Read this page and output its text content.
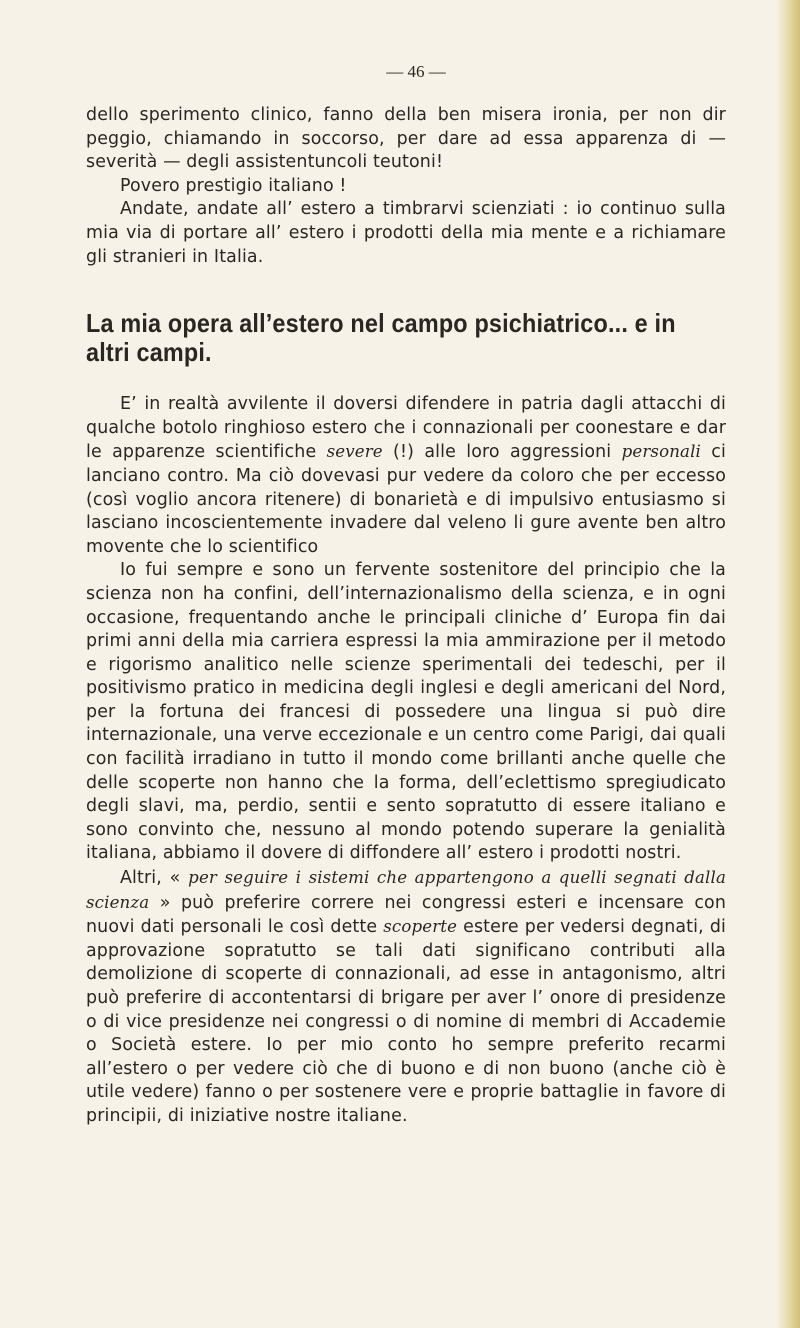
— 46 —

dello sperimento clinico, fanno della ben misera ironia, per non dir peggio, chiamando in soccorso, per dare ad essa apparenza di — severità — degli assistentuncoli teutoni!

Povero prestigio italiano !

Andate, andate all’ estero a timbrarvi scienziati : io continuo sulla mia via di portare all’ estero i prodotti della mia mente e a richiamare gli stranieri in Italia.

La mia opera all’estero nel campo psichiatrico... e in altri campi.

E’ in realtà avvilente il doversi difendere in patria dagli attacchi di qualche botolo ringhioso estero che i connazionali per coonestare e dar le apparenze scientifiche severe (!) alle loro aggressioni personali ci lanciano contro. Ma ciò dovevasi pur vedere da coloro che per eccesso (così voglio ancora ritenere) di bonarietà e di impulsivo entusiasmo si lasciano incoscientemente invadere dal veleno li gure avente ben altro movente che lo scientifico

Io fui sempre e sono un fervente sostenitore del principio che la scienza non ha confini, dell’internazionalismo della scienza, e in ogni occasione, frequentando anche le principali cliniche d’ Europa fin dai primi anni della mia carriera espressi la mia ammirazione per il metodo e rigorismo analitico nelle scienze sperimentali dei tedeschi, per il positivismo pratico in medicina degli inglesi e degli americani del Nord, per la fortuna dei francesi di possedere una lingua si può dire internazionale, una verve eccezionale e un centro come Parigi, dai quali con facilità irradiano in tutto il mondo come brillanti anche quelle che delle scoperte non hanno che la forma, dell’eclettismo spregiudicato degli slavi, ma, perdio, sentii e sento sopratutto di essere italiano e sono convinto che, nessuno al mondo potendo superare la genialità italiana, abbiamo il dovere di diffondere all’ estero i prodotti nostri.

Altri, « per seguire i sistemi che appartengono a quelli segnati dalla scienza » può preferire correre nei congressi esteri e incensare con nuovi dati personali le così dette scoperte estere per vedersi degnati, di approvazione sopratutto se tali dati significano contributi alla demolizione di scoperte di connazionali, ad esse in antagonismo, altri può preferire di accontentarsi di brigare per aver l’ onore di presidenze o di vice presidenze nei congressi o di nomine di membri di Accademie o Società estere. Io per mio conto ho sempre preferito recarmi all’estero o per vedere ciò che di buono e di non buono (anche ciò è utile vedere) fanno o per sostenere vere e proprie battaglie in favore di principii, di iniziative nostre italiane.
